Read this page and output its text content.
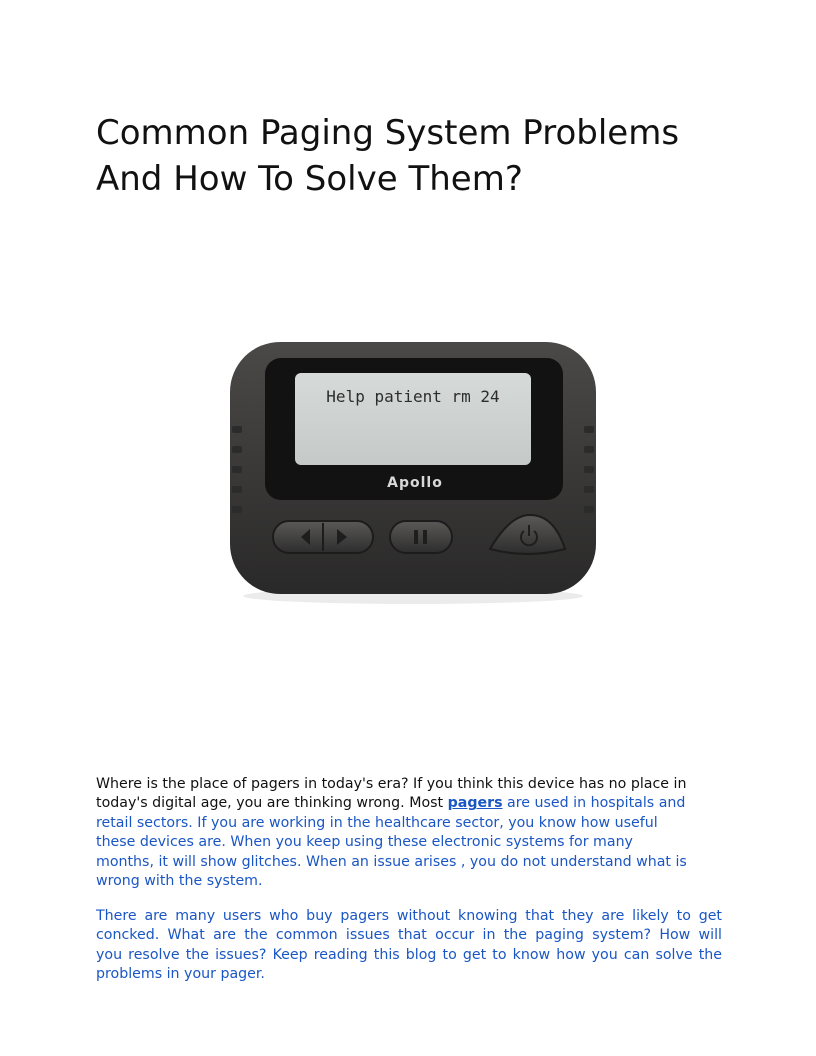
Common Paging System Problems
And How To Solve Them?
Help patient rm 24
Apollo

Where is the place of pagers in today's era? If you think this device has no place in
today's digital age, you are thinking wrong. Most pagers are used in hospitals and
retail sectors. If you are working in the healthcare sector, you know how useful
these devices are. When you keep using these electronic systems for many
months, it will show glitches. When an issue arises , you do not understand what is
wrong with the system.

There are many users who buy pagers without knowing that they are likely to get
concked. What are the common issues that occur in the paging system? How will
you resolve the issues? Keep reading this blog to get to know how you can solve the
problems in your pager.
